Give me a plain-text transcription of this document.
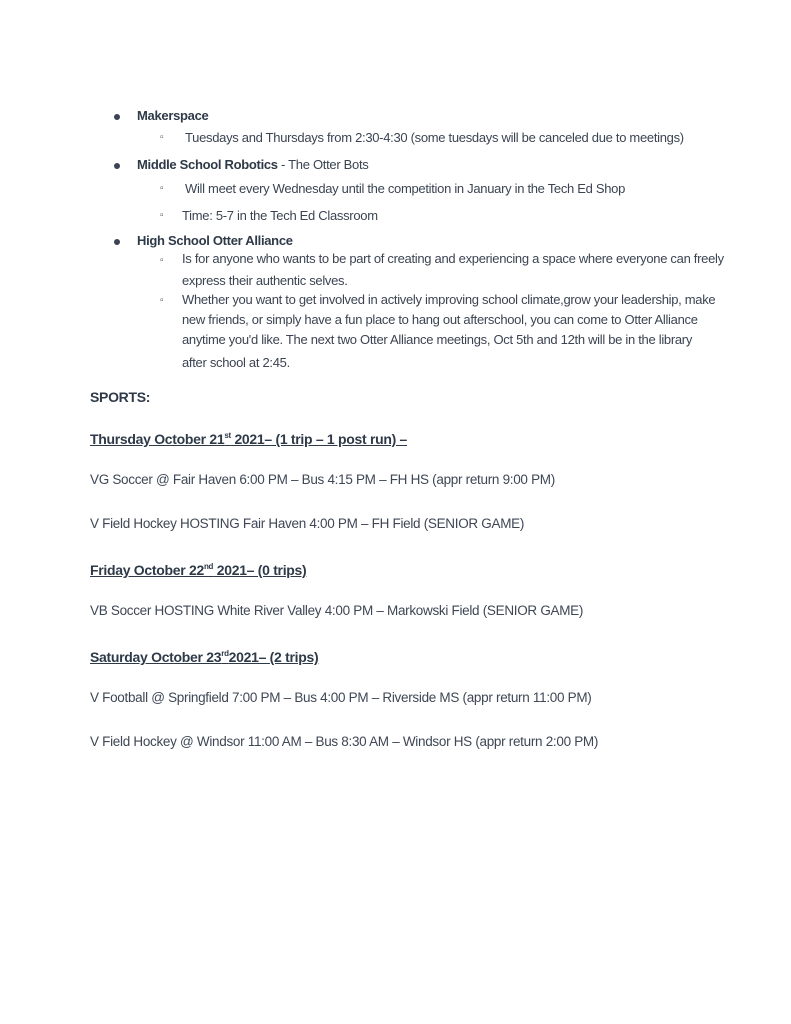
Makerspace
▫ Tuesdays and Thursdays from 2:30-4:30 (some tuesdays will be canceled due to meetings)
Middle School Robotics - The Otter Bots
▫ Will meet every Wednesday until the competition in January in the Tech Ed Shop
▫ Time: 5-7 in the Tech Ed Classroom
High School Otter Alliance
▫ Is for anyone who wants to be part of creating and experiencing a space where everyone can freely
express their authentic selves.
▫ Whether you want to get involved in actively improving school climate,grow your leadership, make
new friends, or simply have a fun place to hang out afterschool, you can come to Otter Alliance
anytime you'd like. The next two Otter Alliance meetings, Oct 5th and 12th will be in the library
after school at 2:45.
SPORTS:
Thursday October 21st 2021– (1 trip – 1 post run) –
VG Soccer @ Fair Haven 6:00 PM – Bus 4:15 PM – FH HS (appr return 9:00 PM)
V Field Hockey HOSTING Fair Haven 4:00 PM – FH Field (SENIOR GAME)
Friday October 22nd 2021– (0 trips)
VB Soccer HOSTING White River Valley 4:00 PM – Markowski Field (SENIOR GAME)
Saturday October 23rd2021– (2 trips)
V Football @ Springfield 7:00 PM – Bus 4:00 PM – Riverside MS (appr return 11:00 PM)
V Field Hockey @ Windsor 11:00 AM – Bus 8:30 AM – Windsor HS (appr return 2:00 PM)
